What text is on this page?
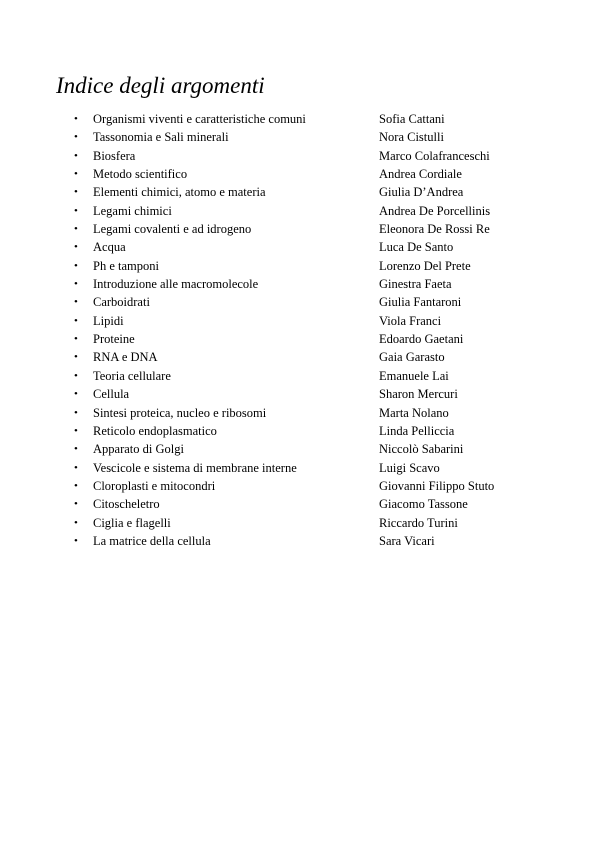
Indice degli argomenti
• Organismi viventi e caratteristiche comuni	Sofia Cattani
• Tassonomia e Sali minerali	Nora Cistulli
• Biosfera	Marco Colafranceschi
• Metodo scientifico	Andrea Cordiale
• Elementi chimici, atomo e materia	Giulia D’Andrea
• Legami chimici	Andrea De Porcellinis
• Legami covalenti e ad idrogeno	Eleonora De Rossi Re
• Acqua	Luca De Santo
• Ph e tamponi	Lorenzo Del Prete
• Introduzione alle macromolecole	Ginestra Faeta
• Carboidrati	Giulia Fantaroni
• Lipidi	Viola Franci
• Proteine	Edoardo Gaetani
• RNA e DNA	Gaia Garasto
• Teoria cellulare	Emanuele Lai
• Cellula	Sharon Mercuri
• Sintesi proteica, nucleo e ribosomi	Marta Nolano
• Reticolo endoplasmatico	Linda Pelliccia
• Apparato di Golgi	Niccolò Sabarini
• Vescicole e sistema di membrane interne	Luigi Scavo
• Cloroplasti e mitocondri	Giovanni Filippo Stuto
• Citoscheletro	Giacomo Tassone
• Ciglia e flagelli	Riccardo Turini
• La matrice della cellula	Sara Vicari
